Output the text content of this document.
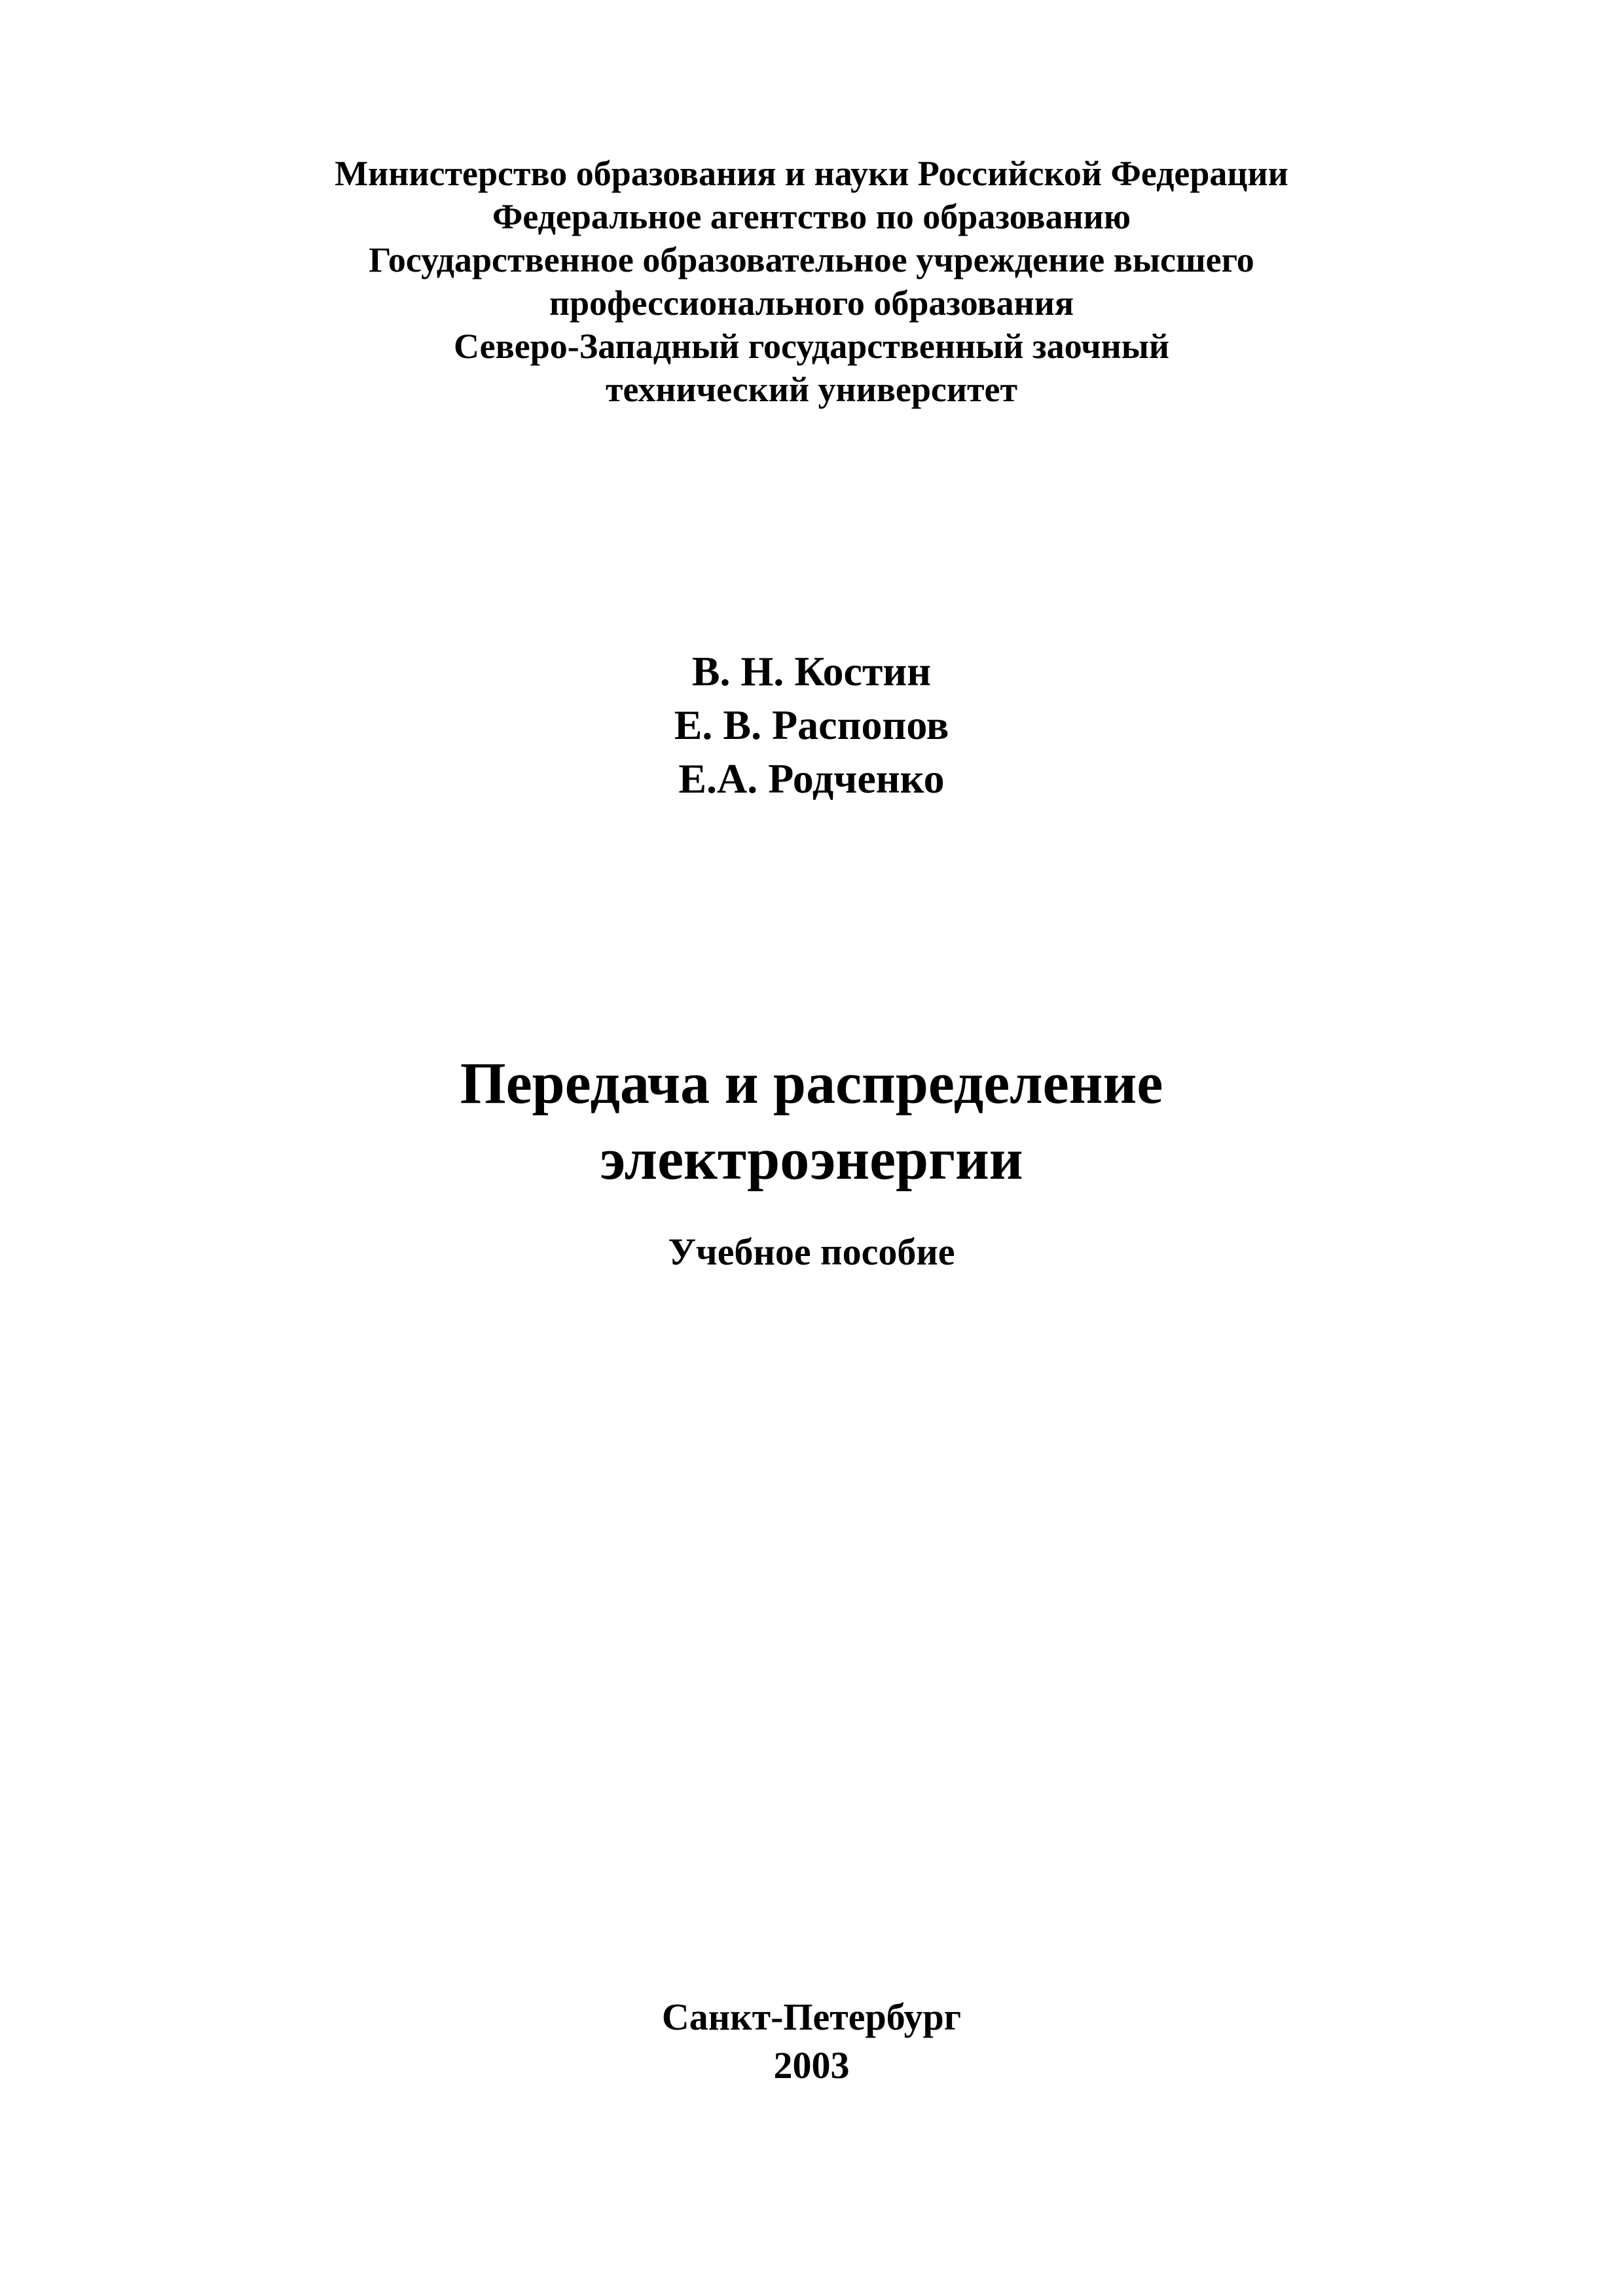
Министерство образования и науки Российской Федерации
Федеральное агентство по образованию
Государственное образовательное учреждение высшего
профессионального образования
Северо-Западный государственный заочный
технический университет
В. Н. Костин
Е. В. Распопов
Е.А. Родченко
Передача и распределение
электроэнергии
Учебное пособие
Санкт-Петербург
2003
